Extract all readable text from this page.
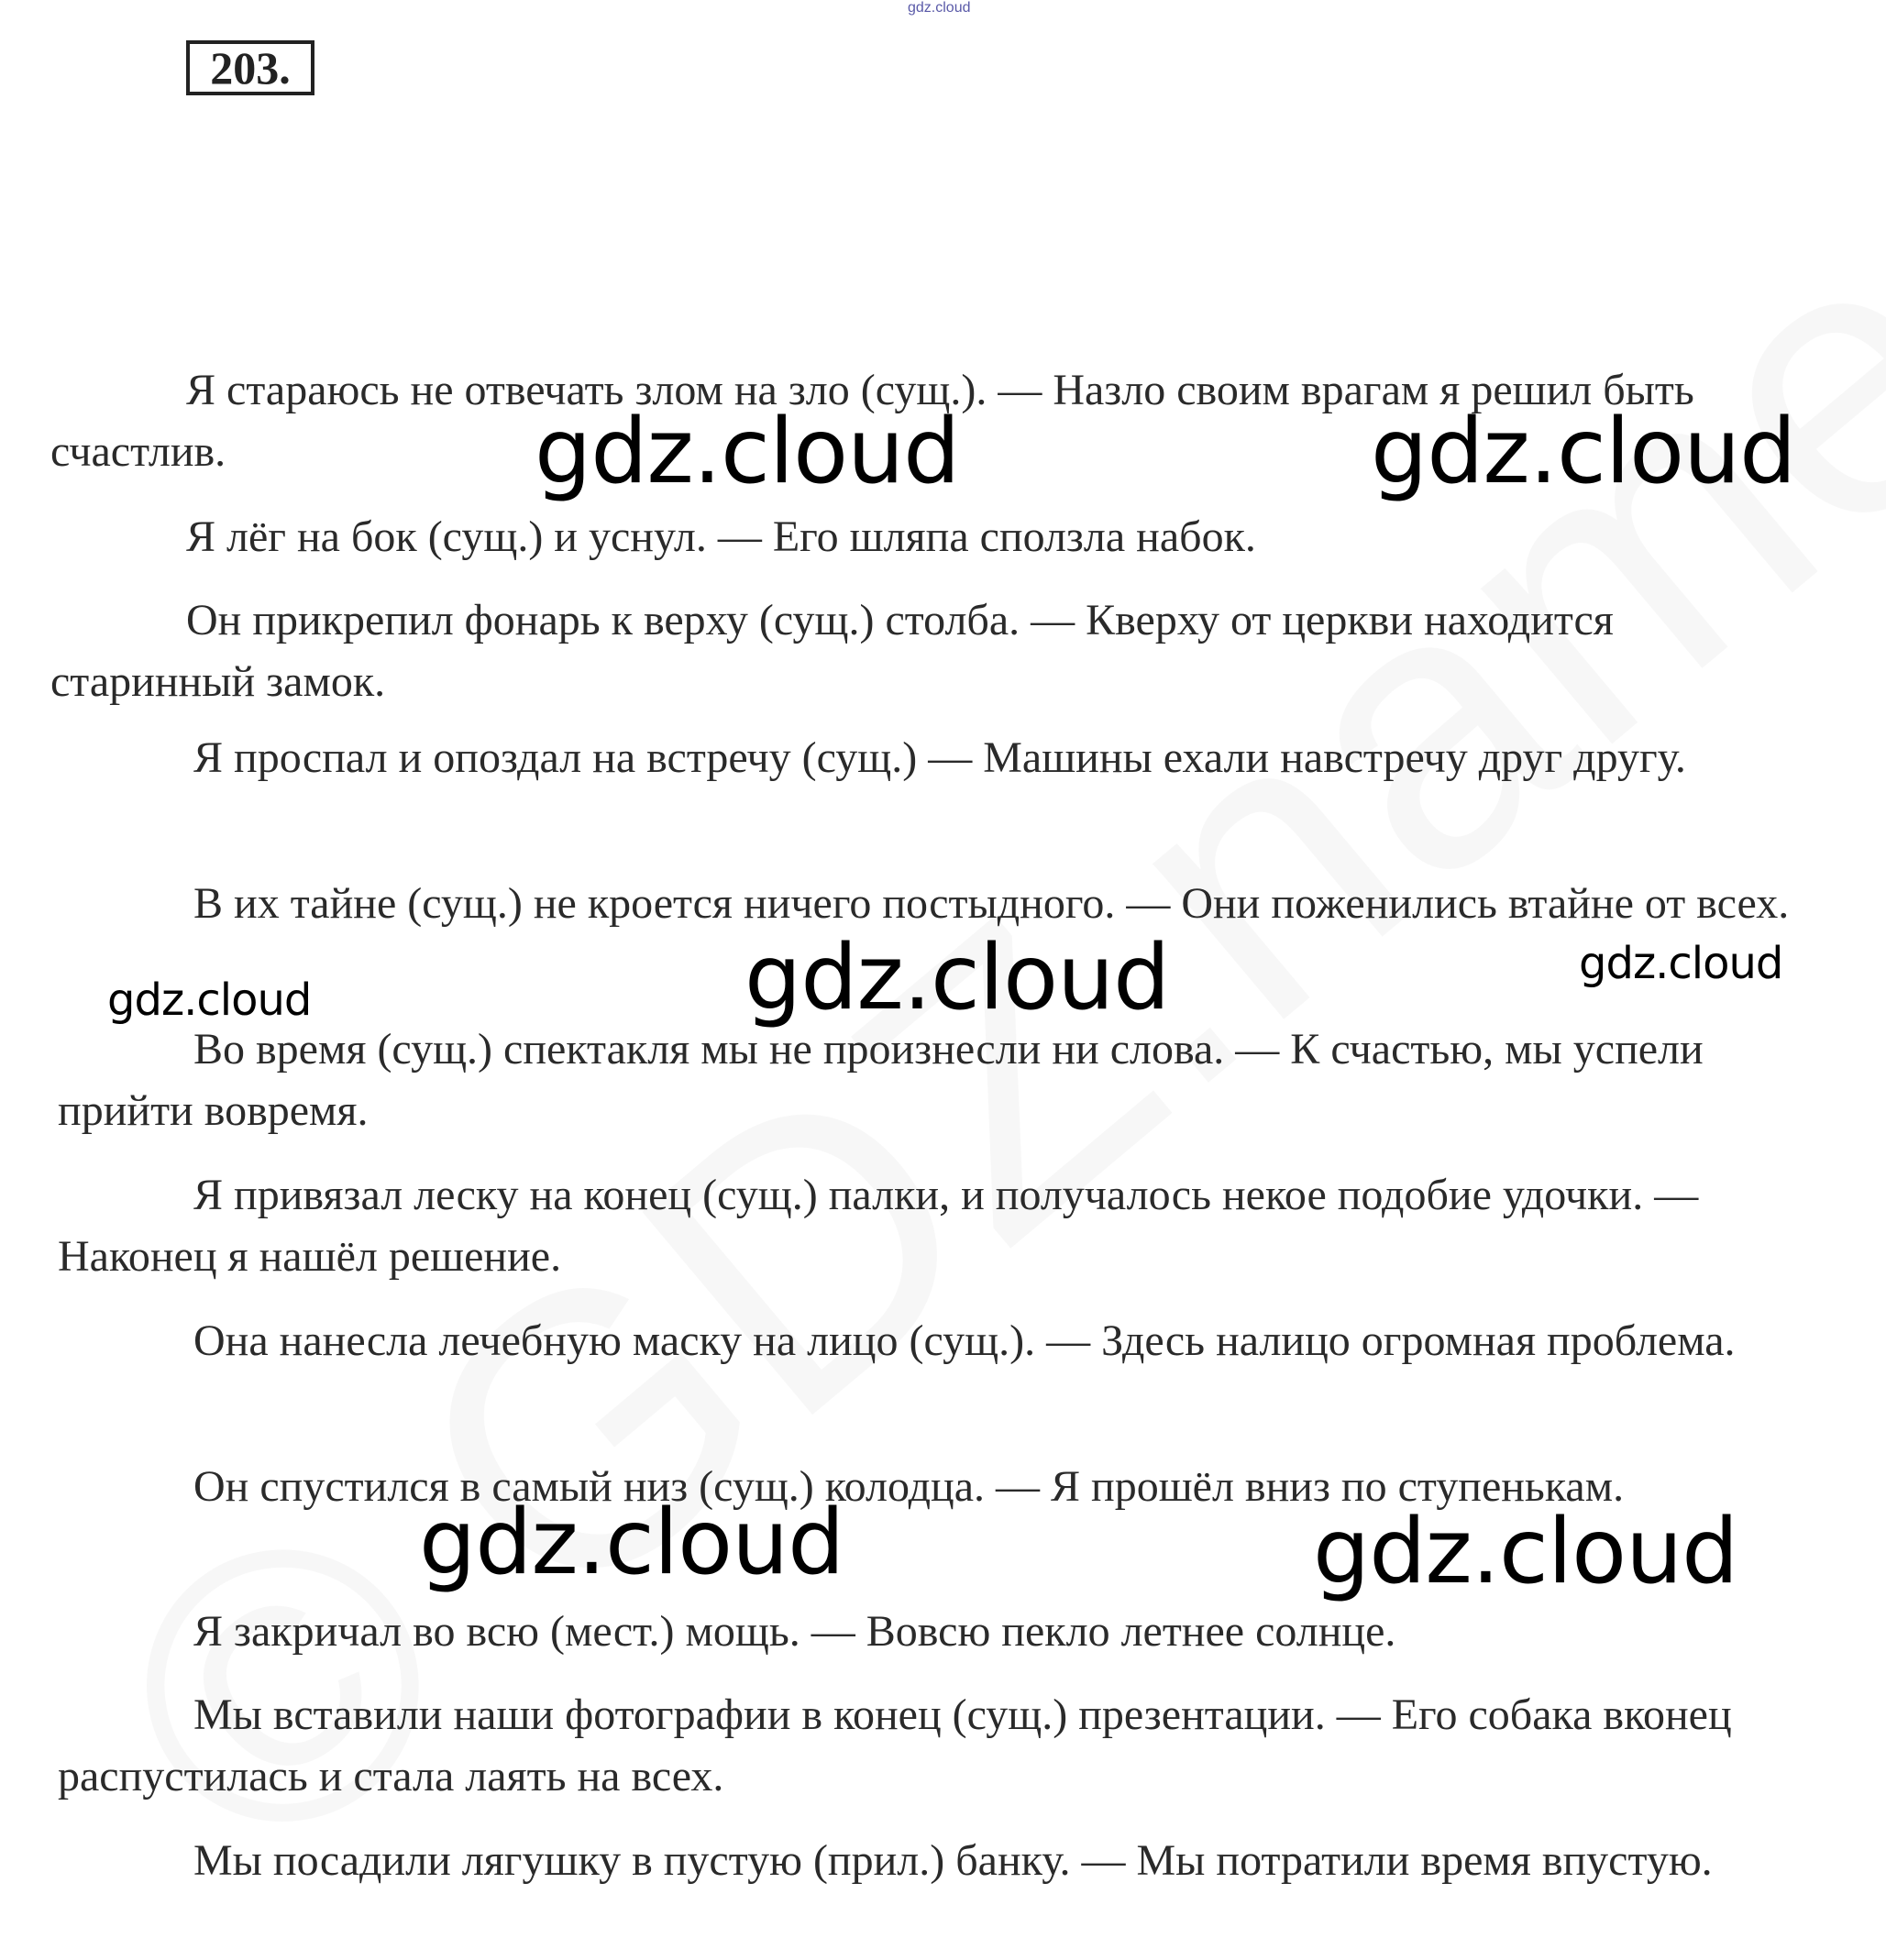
gdz.cloud
203.
Я стараюсь не отвечать злом на зло (сущ.). — Назло своим врагам я решил быть счастлив.
Я лёг на бок (сущ.) и уснул. — Его шляпа сползла набок.
Он прикрепил фонарь к верху (сущ.) столба. — Кверху от церкви находится старинный замок.
Я проспал и опоздал на встречу (сущ.) — Машины ехали навстречу друг другу.
В их тайне (сущ.) не кроется ничего постыдного. — Они поженились втайне от всех.
Во время (сущ.) спектакля мы не произнесли ни слова. — К счастью, мы успели прийти вовремя.
Я привязал леску на конец (сущ.) палки, и получалось некое подобие удочки. — Наконец я нашёл решение.
Она нанесла лечебную маску на лицо (сущ.). — Здесь налицо огромная проблема.
Он спустился в самый низ (сущ.) колодца. — Я прошёл вниз по ступенькам.
Я закричал во всю (мест.) мощь. — Вовсю пекло летнее солнце.
Мы вставили наши фотографии в конец (сущ.) презентации. — Его собака вконец распустилась и стала лаять на всех.
Мы посадили лягушку в пустую (прил.) банку. — Мы потратили время впустую.
gdz.cloud	gdz.cloud
gdz.cloud	gdz.cloud
gdz.cloud
gdz.cloud	gdz.cloud
